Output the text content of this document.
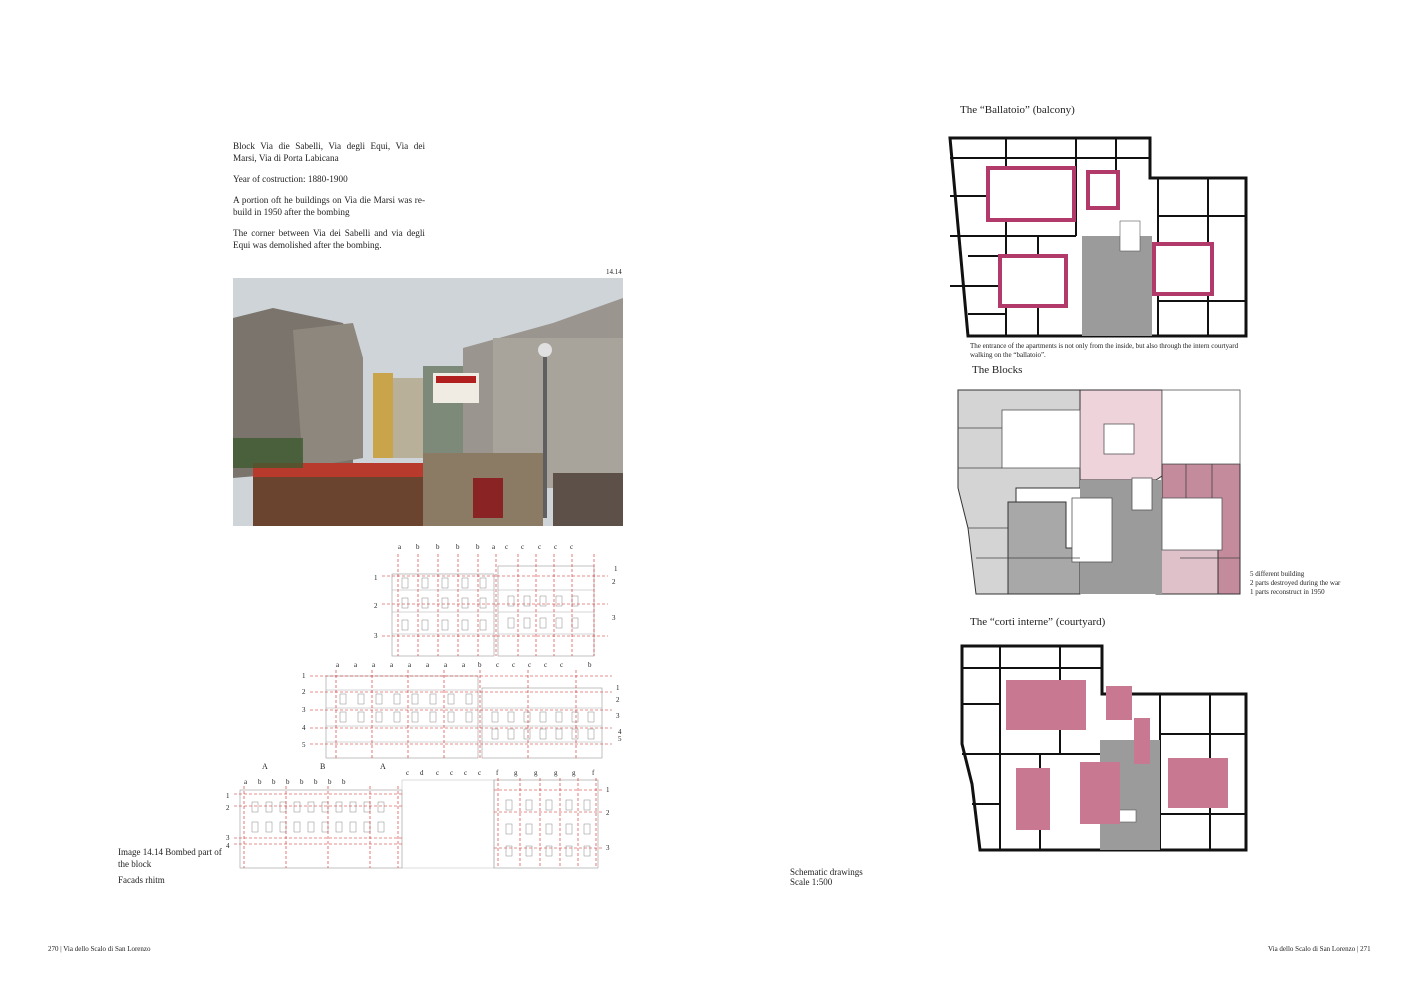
Block Via die Sabelli, Via degli Equi, Via dei Marsi, Via di Porta Labicana

Year of costruction: 1880-1900

A portion oft he buildings on Via die Marsi was re-build in 1950 after the bombing

The corner between Via dei Sabelli and via degli Equi was demolished after the bombing.

14.14
a b b b b a c c c c c
1
2
3
1
2
3
a a a a a a a a b c c c c c	b
1
2
3
4
5
1
2
3
4
5
A	B	A
a b b b b b b b
c d c c c c f g g g g f
1
2
3
4
1
2
3
Image 14.14 Bombed part of the block
Facads rhitm
270 | Via dello Scalo di San Lorenzo
Schematic drawings
Scale 1:500
Via dello Scalo di San Lorenzo | 271
The “Ballatoio” (balcony)
The entrance of the apartments is not only from the inside, but also through the intern courtyard walking on the “ballatoio”.
The Blocks
5 different building
2 parts destroyed during the war
1 parts reconstruct in 1950
The “corti interne” (courtyard)
